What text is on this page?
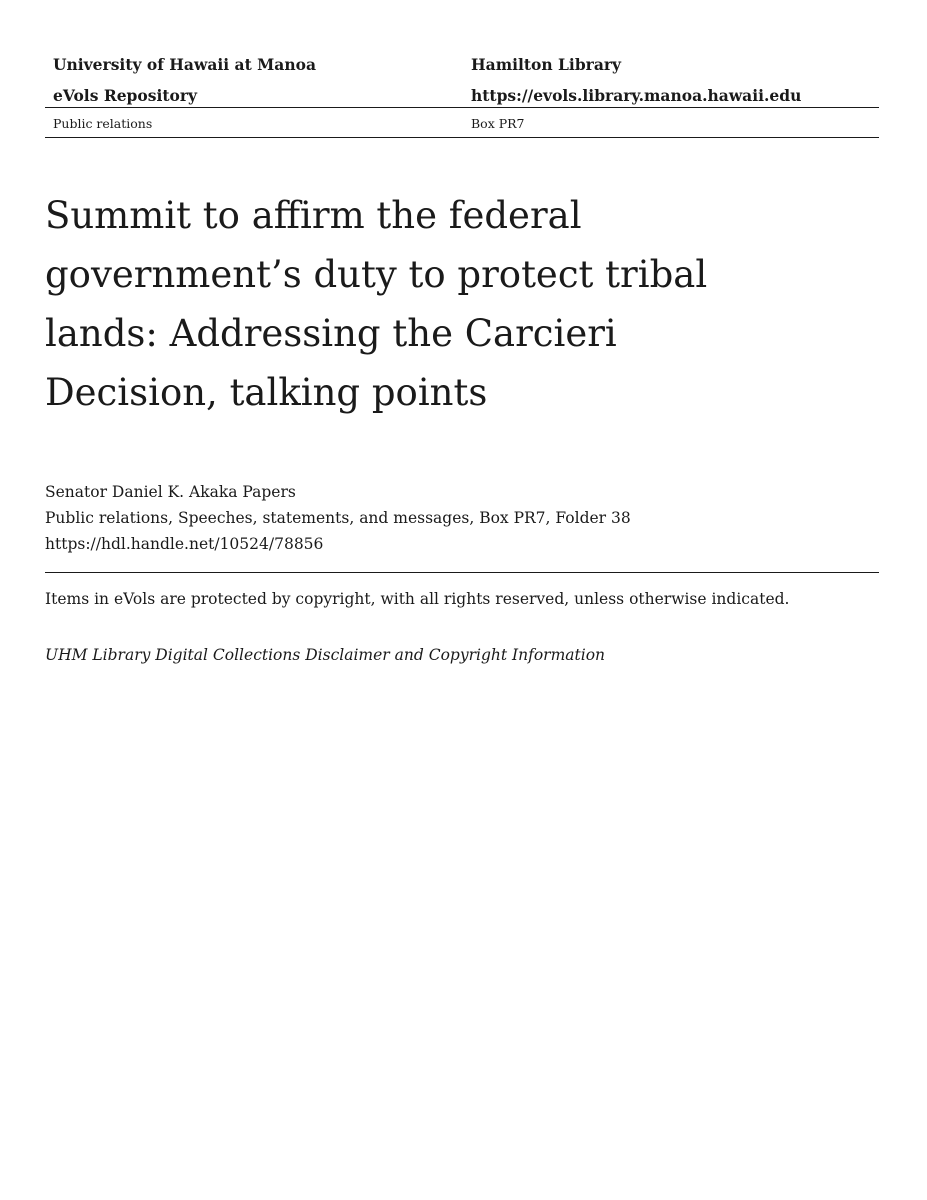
University of Hawaii at Manoa	Hamilton Library
eVols Repository	https://evols.library.manoa.hawaii.edu
Public relations	Box PR7
Summit to affirm the federal government’s duty to protect tribal lands: Addressing the Carcieri Decision, talking points
Senator Daniel K. Akaka Papers
Public relations, Speeches, statements, and messages, Box PR7, Folder 38
https://hdl.handle.net/10524/78856
Items in eVols are protected by copyright, with all rights reserved, unless otherwise indicated.
UHM Library Digital Collections Disclaimer and Copyright Information
